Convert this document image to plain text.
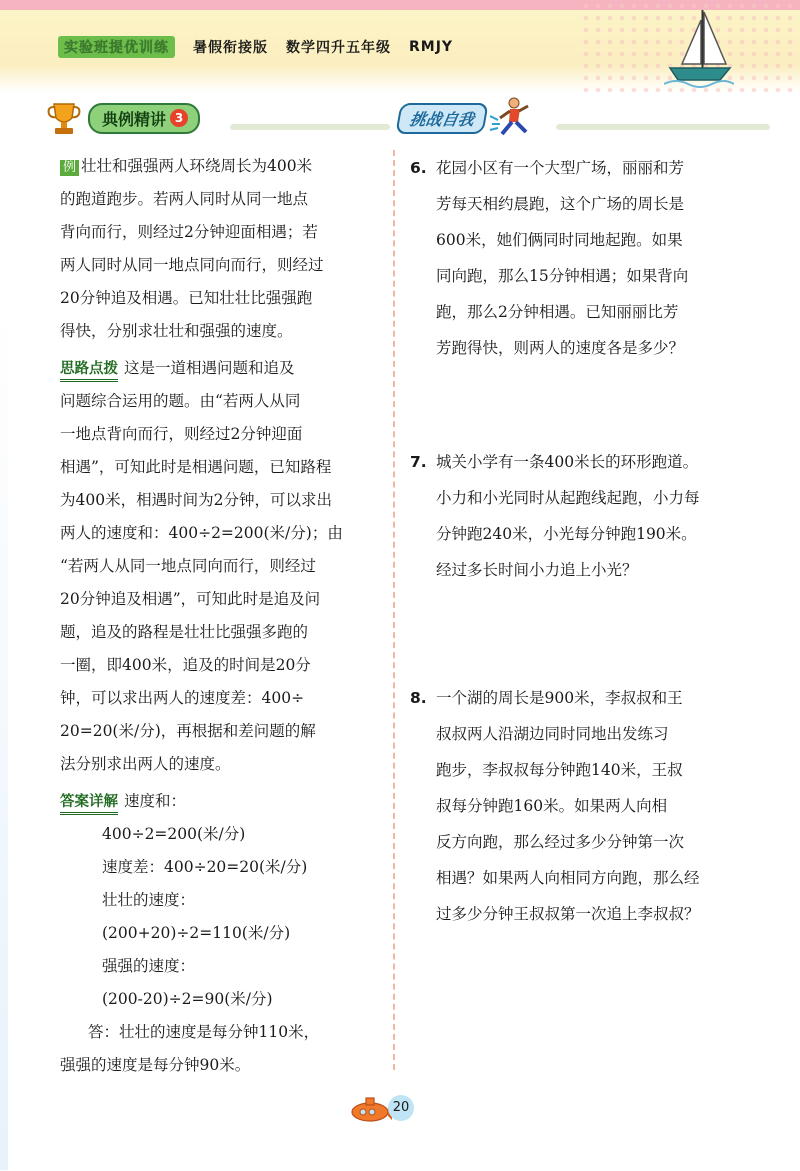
实验班提优训练	暑假衔接版 数学四升五年级 RMJY
典例精讲 3	挑战自我

例 壮壮和强强两人环绕周长为400米

的跑道跑步。若两人同时从同一地点

背向而行，则经过2分钟迎面相遇；若

两人同时从同一地点同向而行，则经过

20分钟追及相遇。已知壮壮比强强跑

得快，分别求壮壮和强强的速度。

思路点拨 这是一道相遇问题和追及

问题综合运用的题。由“若两人从同

一地点背向而行，则经过2分钟迎面

相遇”，可知此时是相遇问题，已知路程

为400米，相遇时间为2分钟，可以求出

两人的速度和：400÷2=200(米/分)；由

“若两人从同一地点同向而行，则经过

20分钟追及相遇”，可知此时是追及问

题，追及的路程是壮壮比强强多跑的

一圈，即400米，追及的时间是20分

钟，可以求出两人的速度差：400÷

20=20(米/分)，再根据和差问题的解

法分别求出两人的速度。

答案详解 速度和：

400÷2=200(米/分)

速度差：400÷20=20(米/分)

壮壮的速度：

(200+20)÷2=110(米/分)

强强的速度：

(200-20)÷2=90(米/分)

答：壮壮的速度是每分钟110米，

强强的速度是每分钟90米。

6. 花园小区有一个大型广场，丽丽和芳

芳每天相约晨跑，这个广场的周长是

600米，她们俩同时同地起跑。如果

同向跑，那么15分钟相遇；如果背向

跑，那么2分钟相遇。已知丽丽比芳

芳跑得快，则两人的速度各是多少？

7. 城关小学有一条400米长的环形跑道。

小力和小光同时从起跑线起跑，小力每

分钟跑240米，小光每分钟跑190米。

经过多长时间小力追上小光？

8. 一个湖的周长是900米，李叔叔和王

叔叔两人沿湖边同时同地出发练习

跑步，李叔叔每分钟跑140米，王叔

叔每分钟跑160米。如果两人向相

反方向跑，那么经过多少分钟第一次

相遇？如果两人向相同方向跑，那么经

过多少分钟王叔叔第一次追上李叔叔？

20
